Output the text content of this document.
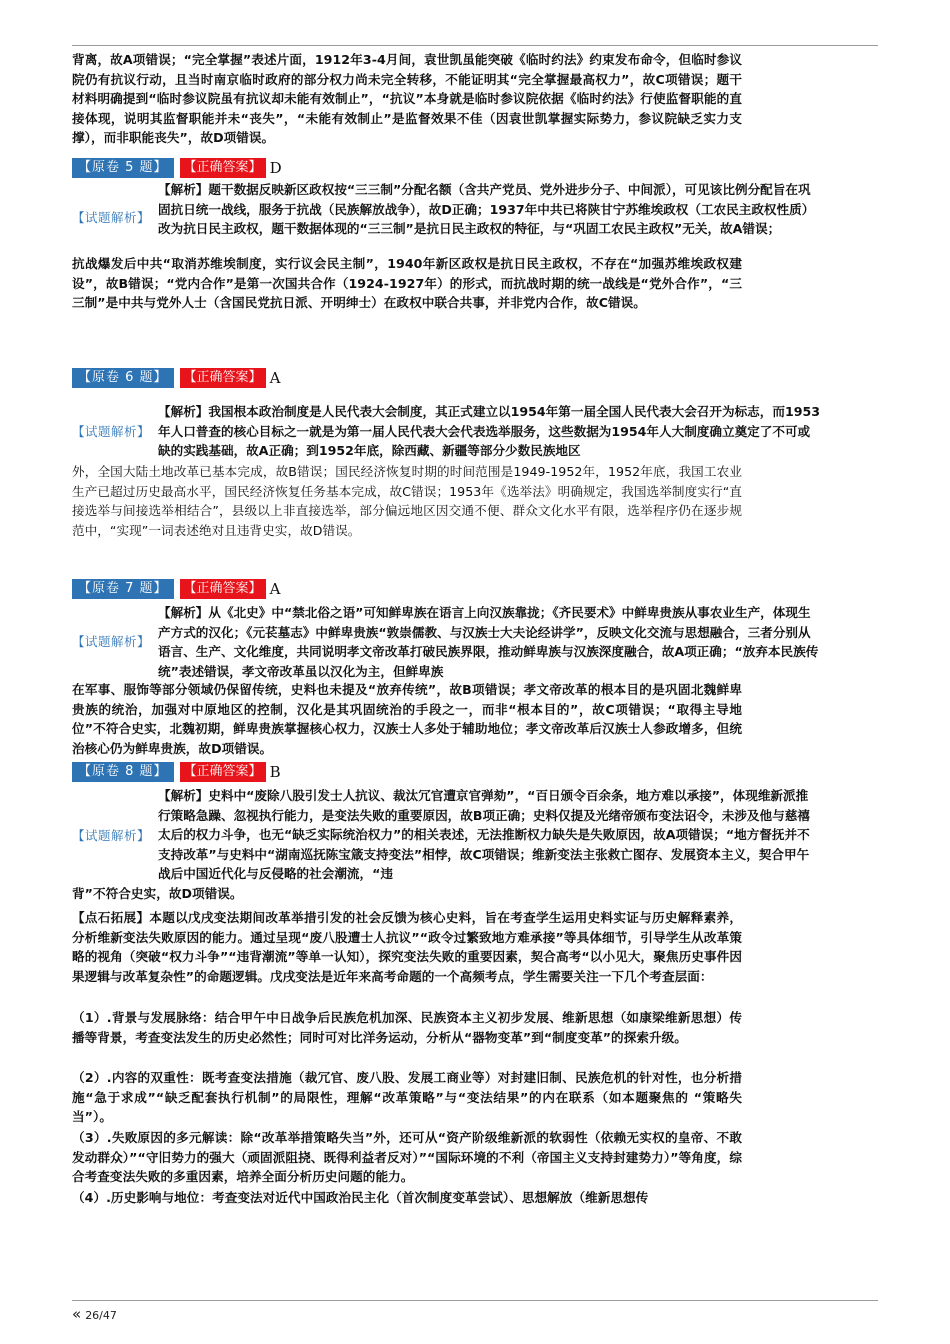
背离，故A项错误；“完全掌握”表述片面，1912年3-4月间，袁世凯虽能突破《临时约法》约束发布命令，但临时参议院仍有抗议行动，且当时南京临时政府的部分权力尚未完全转移，不能证明其“完全掌握最高权力”，故C项错误；题干材料明确提到“临时参议院虽有抗议却未能有效制止”，“抗议”本身就是临时参议院依据《临时约法》行使监督职能的直接体现，说明其监督职能并未“丧失”，“未能有效制止”是监督效果不佳（因袁世凯掌握实际势力，参议院缺乏实力支撑），而非职能丧失”，故D项错误。
【原卷 5 题】	【正确答案】 D
【试题解析】
【解析】题干数据反映新区政权按“三三制”分配名额（含共产党员、党外进步分子、中间派），可见该比例分配旨在巩固抗日统一战线，服务于抗战（民族解放战争），故D正确；1937年中共已将陕甘宁苏维埃政权（工农民主政权性质）改为抗日民主政权，题干数据体现的“三三制”是抗日民主政权的特征，与“巩固工农民主政权”无关，故A错误；
抗战爆发后中共“取消苏维埃制度，实行议会民主制”，1940年新区政权是抗日民主政权，不存在“加强苏维埃政权建设”，故B错误；“党内合作”是第一次国共合作（1924-1927年）的形式，而抗战时期的统一战线是“党外合作”，“三三制”是中共与党外人士（含国民党抗日派、开明绅士）在政权中联合共事，并非党内合作，故C错误。
【原卷 6 题】	【正确答案】 A
【试题解析】
【解析】我国根本政治制度是人民代表大会制度，其正式建立以1954年第一届全国人民代表大会召开为标志，而1953年人口普查的核心目标之一就是为第一届人民代表大会代表选举服务，这些数据为1954年人大制度确立奠定了不可或缺的实践基础，故A正确；到1952年底，除西藏、新疆等部分少数民族地区
外，全国大陆土地改革已基本完成，故B错误；国民经济恢复时期的时间范围是1949-1952年，1952年底，我国工农业生产已超过历史最高水平，国民经济恢复任务基本完成，故C错误；1953年《选举法》明确规定，我国选举制度实行“直接选举与间接选举相结合”，县级以上非直接选举，部分偏远地区因交通不便、群众文化水平有限，选举程序仍在逐步规范中，“实现”一词表述绝对且违背史实，故D错误。
【原卷 7 题】	【正确答案】 A
【试题解析】
【解析】从《北史》中“禁北俗之语”可知鲜卑族在语言上向汉族靠拢；《齐民要术》中鲜卑贵族从事农业生产，体现生产方式的汉化；《元苌墓志》中鲜卑贵族“敦崇儒教、与汉族士大夫论经讲学”，反映文化交流与思想融合，三者分别从语言、生产、文化维度，共同说明孝文帝改革打破民族界限，推动鲜卑族与汉族深度融合，故A项正确；“放弃本民族传统”表述错误，孝文帝改革虽以汉化为主，但鲜卑族
在军事、服饰等部分领域仍保留传统，史料也未提及“放弃传统”，故B项错误；孝文帝改革的根本目的是巩固北魏鲜卑贵族的统治，加强对中原地区的控制，汉化是其巩固统治的手段之一，而非“根本目的”，故C项错误；“取得主导地位”不符合史实，北魏初期，鲜卑贵族掌握核心权力，汉族士人多处于辅助地位；孝文帝改革后汉族士人参政增多，但统治核心仍为鲜卑贵族，故D项错误。
【原卷 8 题】	【正确答案】 B
【试题解析】
【解析】史料中“废除八股引发士人抗议、裁汰冗官遭京官弹劾”，“百日颁令百余条，地方难以承接”，体现维新派推行策略急躁、忽视执行能力，是变法失败的重要原因，故B项正确；史料仅提及光绪帝颁布变法诏令，未涉及他与慈禧太后的权力斗争，也无“缺乏实际统治权力”的相关表述，无法推断权力缺失是失败原因，故A项错误；“地方督抚并不支持改革”与史料中“湖南巡抚陈宝箴支持变法”相悖，故C项错误；维新变法主张救亡图存、发展资本主义，契合甲午战后中国近代化与反侵略的社会潮流，“违
背”不符合史实，故D项错误。
【点石拓展】本题以戊戌变法期间改革举措引发的社会反馈为核心史料，旨在考查学生运用史料实证与历史解释素养，分析维新变法失败原因的能力。通过呈现“废八股遭士人抗议”“政令过繁致地方难承接”等具体细节，引导学生从改革策略的视角（突破“权力斗争”“违背潮流”等单一认知），探究变法失败的重要因素，契合高考“以小见大，聚焦历史事件因果逻辑与改革复杂性”的命题逻辑。戊戌变法是近年来高考命题的一个高频考点，学生需要关注一下几个考查层面：
（1）.背景与发展脉络：结合甲午中日战争后民族危机加深、民族资本主义初步发展、维新思想（如康梁维新思想）传播等背景，考查变法发生的历史必然性；同时可对比洋务运动，分析从“器物变革”到“制度变革”的探索升级。
（2）.内容的双重性：既考查变法措施（裁冗官、废八股、发展工商业等）对封建旧制、民族危机的针对性，也分析措施“急于求成”“缺乏配套执行机制”的局限性，理解“改革策略”与“变法结果”的内在联系（如本题聚焦的 “策略失当”）。
（3）.失败原因的多元解读：除“改革举措策略失当”外，还可从“资产阶级维新派的软弱性（依赖无实权的皇帝、不敢发动群众）”“守旧势力的强大（顽固派阻挠、既得利益者反对）”“国际环境的不利（帝国主义支持封建势力）”等角度，综合考查变法失败的多重因素，培养全面分析历史问题的能力。
（4）.历史影响与地位：考查变法对近代中国政治民主化（首次制度变革尝试）、思想解放（维新思想传
« 26/47
